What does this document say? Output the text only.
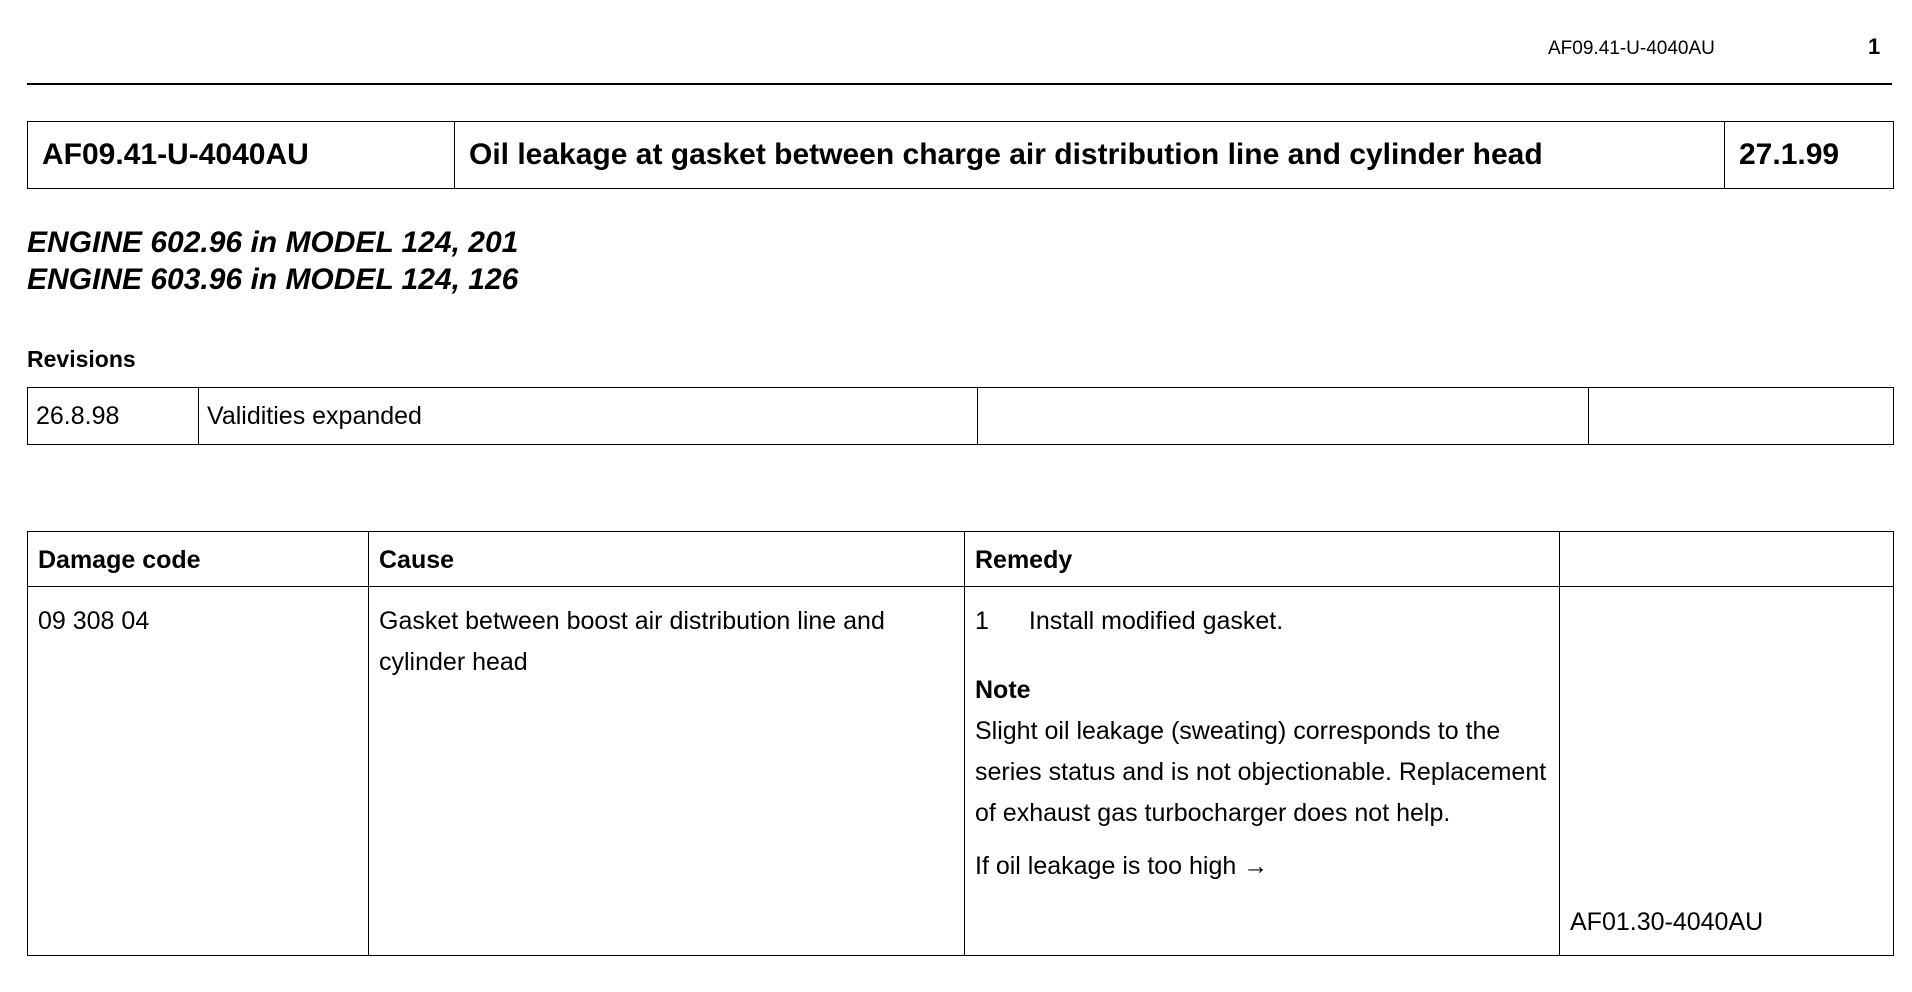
AF09.41-U-4040AU	1
AF09.41-U-4040AU	Oil leakage at gasket between charge air distribution line and cylinder head	27.1.99
ENGINE 602.96 in MODEL 124, 201
ENGINE 603.96 in MODEL 124, 126
Revisions
26.8.98	Validities expanded		
Damage code	Cause	Remedy	
09 308 04	Gasket between boost air distribution line and cylinder head	1 Install modified gasket.
Note
Slight oil leakage (sweating) corresponds to the series status and is not objectionable. Replacement of exhaust gas turbocharger does not help.
If oil leakage is too high →	AF01.30-4040AU
